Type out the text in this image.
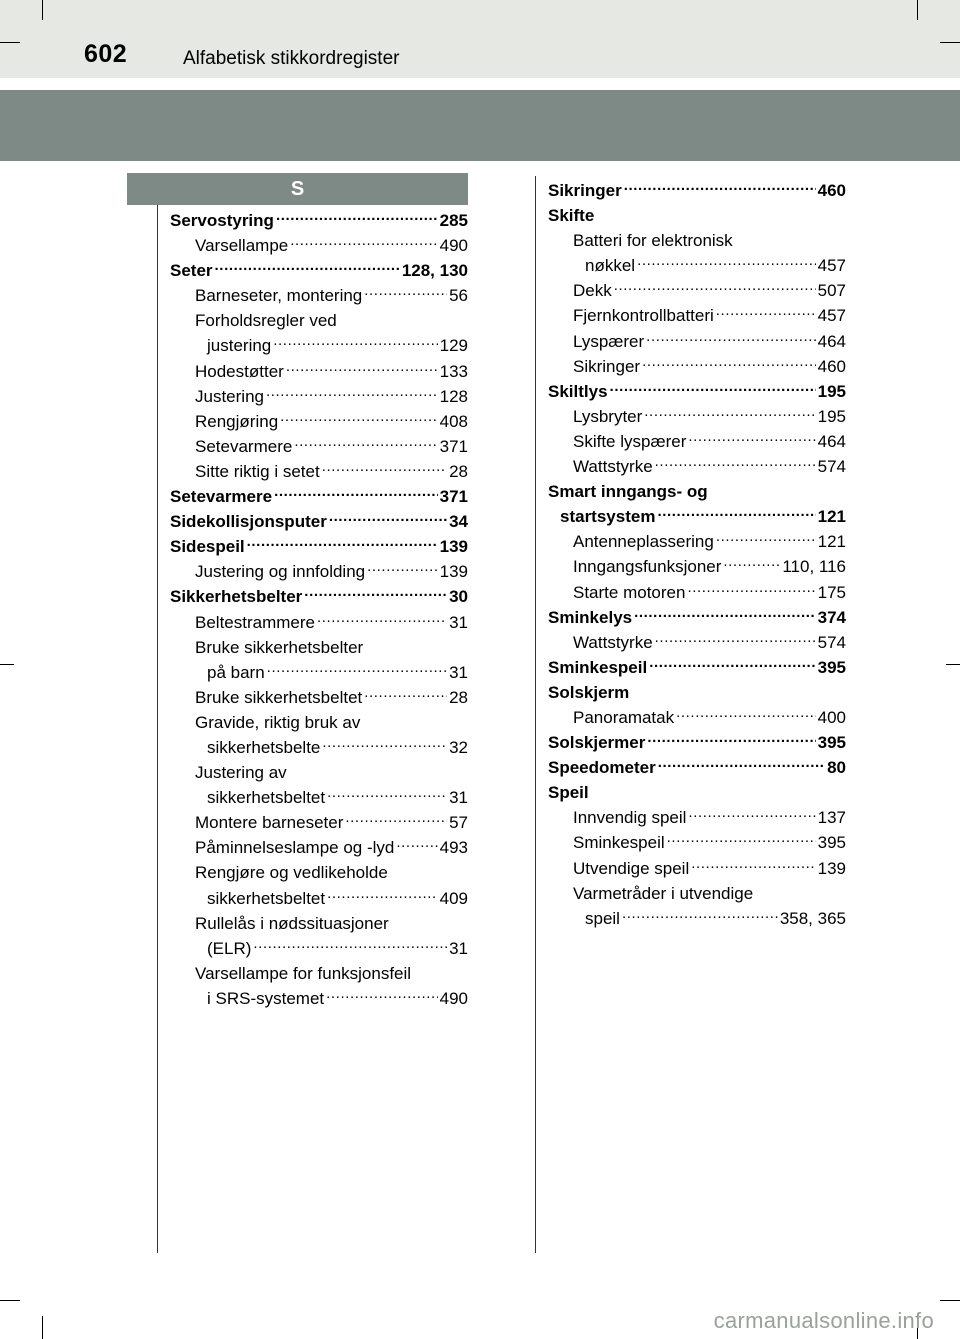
602	Alfabetisk stikkordregister
S
Servostyring .....	285
Varsellampe .....	490
Seter .....	128, 130
Barneseter, montering .....	56
Forholdsregler ved
justering .....	129
Hodestøtter .....	133
Justering .....	128
Rengjøring .....	408
Setevarmere .....	371
Sitte riktig i setet .....	28
Setevarmere .....	371
Sidekollisjonsputer .....	34
Sidespeil .....	139
Justering og innfolding .....	139
Sikkerhetsbelter .....	30
Beltestrammere .....	31
Bruke sikkerhetsbelter
på barn .....	31
Bruke sikkerhetsbeltet .....	28
Gravide, riktig bruk av
sikkerhetsbelte .....	32
Justering av
sikkerhetsbeltet .....	31
Montere barneseter .....	57
Påminnelseslampe og -lyd .....	493
Rengjøre og vedlikeholde
sikkerhetsbeltet .....	409
Rullelås i nødssituasjoner
(ELR) .....	31
Varsellampe for funksjonsfeil
i SRS-systemet .....	490
Sikringer .....	460
Skifte
Batteri for elektronisk
nøkkel .....	457
Dekk .....	507
Fjernkontrollbatteri .....	457
Lyspærer .....	464
Sikringer .....	460
Skiltlys .....	195
Lysbryter .....	195
Skifte lyspærer .....	464
Wattstyrke .....	574
Smart inngangs- og
startsystem .....	121
Antenneplassering .....	121
Inngangsfunksjoner .....	110, 116
Starte motoren .....	175
Sminkelys .....	374
Wattstyrke .....	574
Sminkespeil .....	395
Solskjerm
Panoramatak .....	400
Solskjermer .....	395
Speedometer .....	80
Speil
Innvendig speil .....	137
Sminkespeil .....	395
Utvendige speil .....	139
Varmetråder i utvendige
speil .....	358, 365
carmanualsonline.info
